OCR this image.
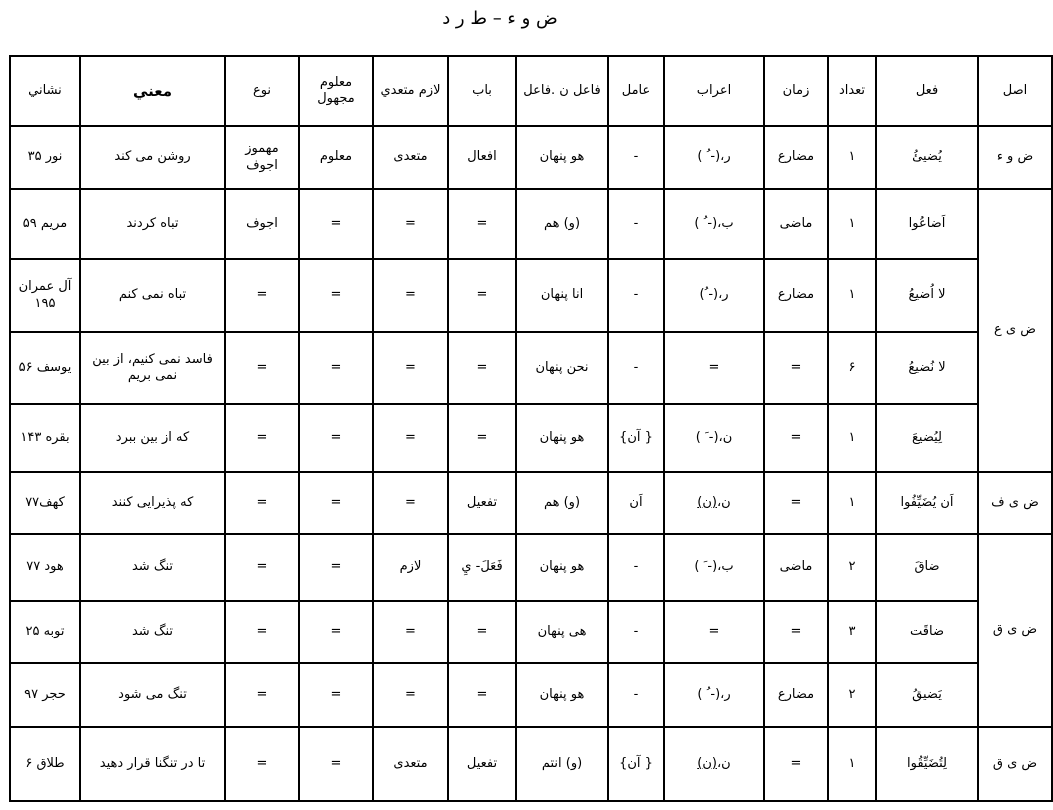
ض و ء – ط ر د
اصل	فعل	تعداد	زمان	اعراب	عامل	فاعل ن .فاعل	باب	لازم متعدي	معلوم مجهول	نوع	معني	نشاني
ض و ء	يُضيئُ	۱	مضارع	ر،(- ُ )	-	هو پنهان	افعال	متعدى	معلوم	مهموز اجوف	روشن می کند	نور ۳۵
ض ی ع	اَضاعُوا	۱	ماضی	ب،(- ُ )	-	(و) هم	=	=	=	اجوف	تباه کردند	مريم ۵۹
	لا اُضيعُ	۱	مضارع	ر،(- ُ)	-	انا پنهان	=	=	=	=	تباه نمی کنم	آل عمران ۱۹۵
	لا نُضيعُ	۶	=	=	-	نحن پنهان	=	=	=	=	فاسد نمی کنیم، از بين نمی بريم	يوسف ۵۶
	لِيُضيعَ	۱	=	ن،(- َ )	{ آن}	هو پنهان	=	=	=	=	که از بين ببرد	بقره ۱۴۳
ض ی ف	اَن يُضَيِّفُوا	۱	=	ن،(ن)	اَن	(و) هم	تفعيل	=	=	=	که پذيرايی کنند	کهف۷۷
ض ی ق	ضاقَ	۲	ماضی	ب،(- َ )	-	هو پنهان	فَعَلَ- يِ	لازم	=	=	تنگ شد	هود ۷۷
	ضاقَت	۳	=	=	-	هی پنهان	=	=	=	=	تنگ شد	توبه ۲۵
	يَضيقُ	۲	مضارع	ر،(- ُ )	-	هو پنهان	=	=	=	=	تنگ می شود	حجر ۹۷
ض ی ق	لِتُضَيِّقُوا	۱	=	ن،(ن)	{ آن}	(و) انتم	تفعيل	متعدى	=	=	تا در تنگنا قرار دهيد	طلاق ۶
